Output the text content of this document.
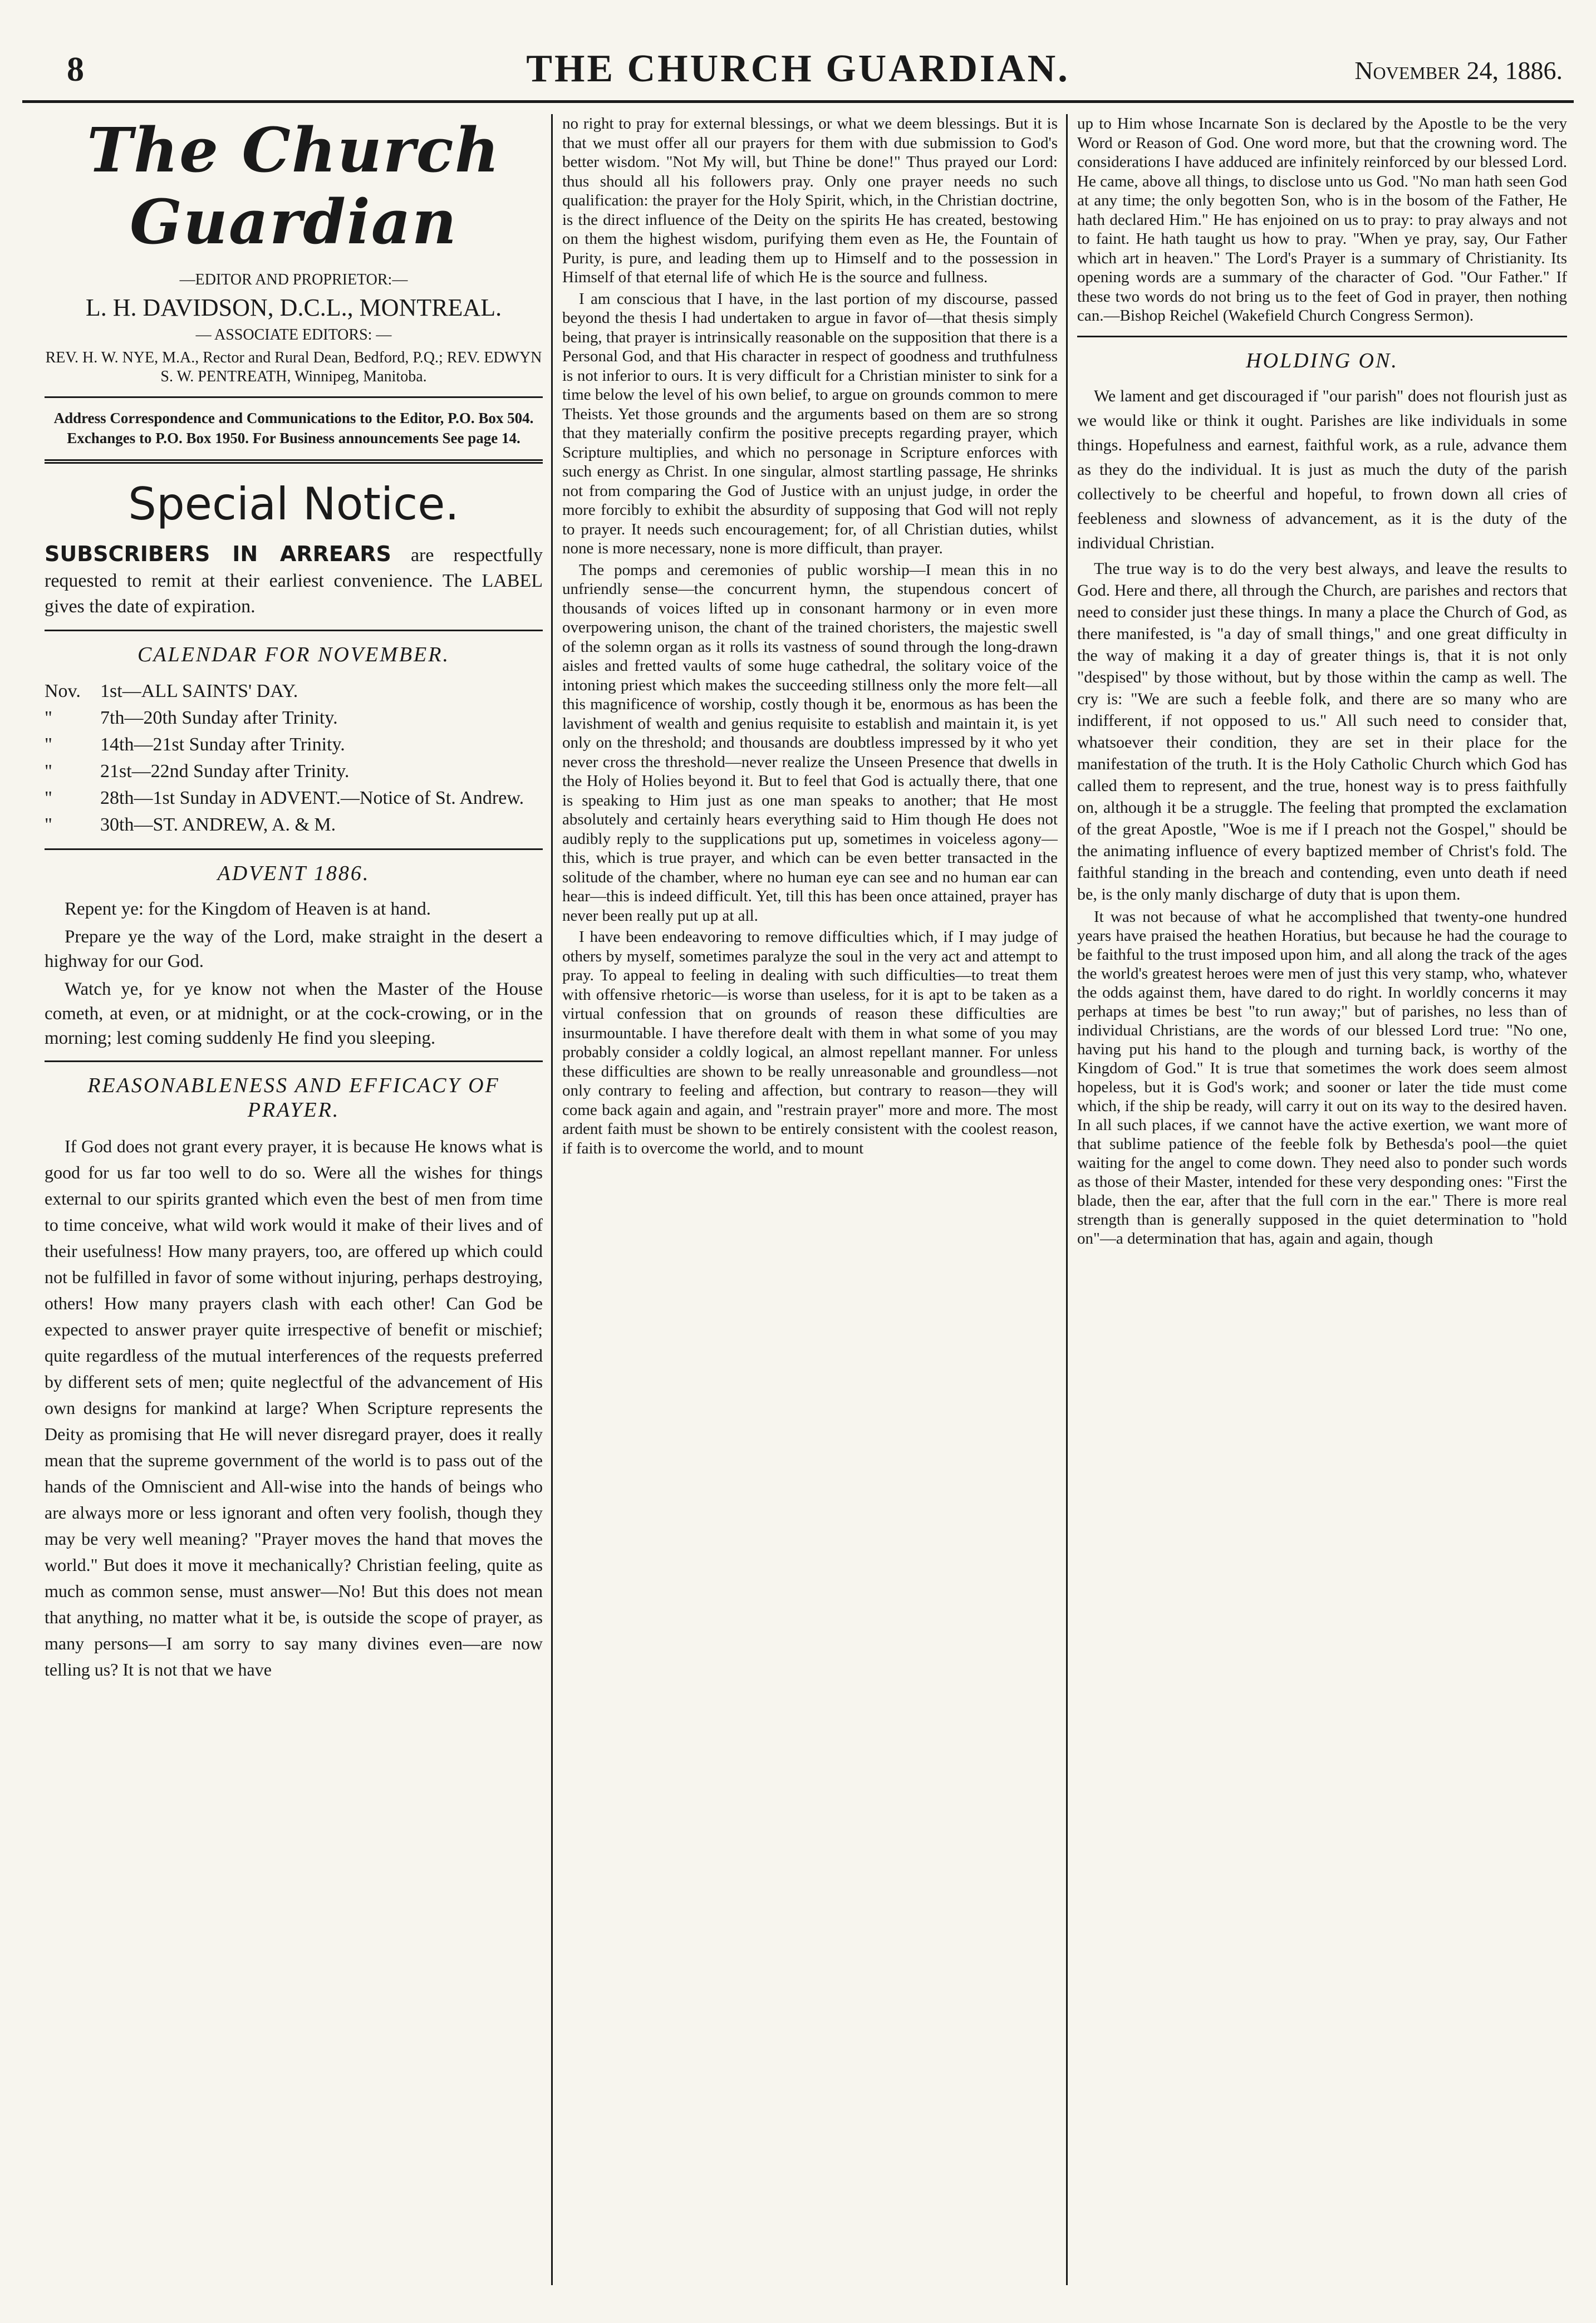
8	THE CHURCH GUARDIAN.	November 24, 1886.
The Church Guardian
—EDITOR AND PROPRIETOR:—
L. H. DAVIDSON, D.C.L., MONTREAL.
— ASSOCIATE EDITORS: —
REV. H. W. NYE, M.A., Rector and Rural Dean, Bedford, P.Q.; REV. EDWYN S. W. PENTREATH, Winnipeg, Manitoba.
Address Correspondence and Communications to the Editor, P.O. Box 504. Exchanges to P.O. Box 1950. For Business announcements See page 14.
Special Notice.
SUBSCRIBERS IN ARREARS are respectfully requested to remit at their earliest convenience. The LABEL gives the date of expiration.
CALENDAR FOR NOVEMBER.
Nov.	1st—ALL SAINTS' DAY.
"	7th—20th Sunday after Trinity.
"	14th—21st Sunday after Trinity.
"	21st—22nd Sunday after Trinity.
"	28th—1st Sunday in ADVENT.—Notice of St. Andrew.
"	30th—ST. ANDREW, A. & M.
ADVENT 1886.

Repent ye: for the Kingdom of Heaven is at hand.

Prepare ye the way of the Lord, make straight in the desert a highway for our God.

Watch ye, for ye know not when the Master of the House cometh, at even, or at midnight, or at the cock-crowing, or in the morning; lest coming suddenly He find you sleeping.

REASONABLENESS AND EFFICACY OF PRAYER.

If God does not grant every prayer, it is because He knows what is good for us far too well to do so. Were all the wishes for things external to our spirits granted which even the best of men from time to time conceive, what wild work would it make of their lives and of their usefulness! How many prayers, too, are offered up which could not be fulfilled in favor of some without injuring, perhaps destroying, others! How many prayers clash with each other! Can God be expected to answer prayer quite irrespective of benefit or mischief; quite regardless of the mutual interferences of the requests preferred by different sets of men; quite neglectful of the advancement of His own designs for mankind at large? When Scripture represents the Deity as promising that He will never disregard prayer, does it really mean that the supreme government of the world is to pass out of the hands of the Omniscient and All-wise into the hands of beings who are always more or less ignorant and often very foolish, though they may be very well meaning? "Prayer moves the hand that moves the world." But does it move it mechanically? Christian feeling, quite as much as common sense, must answer—No! But this does not mean that anything, no matter what it be, is outside the scope of prayer, as many persons—I am sorry to say many divines even—are now telling us? It is not that we have

no right to pray for external blessings, or what we deem blessings. But it is that we must offer all our prayers for them with due submission to God's better wisdom. "Not My will, but Thine be done!" Thus prayed our Lord: thus should all his followers pray. Only one prayer needs no such qualification: the prayer for the Holy Spirit, which, in the Christian doctrine, is the direct influence of the Deity on the spirits He has created, bestowing on them the highest wisdom, purifying them even as He, the Fountain of Purity, is pure, and leading them up to Himself and to the possession in Himself of that eternal life of which He is the source and fullness.

I am conscious that I have, in the last portion of my discourse, passed beyond the thesis I had undertaken to argue in favor of—that thesis simply being, that prayer is intrinsically reasonable on the supposition that there is a Personal God, and that His character in respect of goodness and truthfulness is not inferior to ours. It is very difficult for a Christian minister to sink for a time below the level of his own belief, to argue on grounds common to mere Theists. Yet those grounds and the arguments based on them are so strong that they materially confirm the positive precepts regarding prayer, which Scripture multiplies, and which no personage in Scripture enforces with such energy as Christ. In one singular, almost startling passage, He shrinks not from comparing the God of Justice with an unjust judge, in order the more forcibly to exhibit the absurdity of supposing that God will not reply to prayer. It needs such encouragement; for, of all Christian duties, whilst none is more necessary, none is more difficult, than prayer.

The pomps and ceremonies of public worship—I mean this in no unfriendly sense—the concurrent hymn, the stupendous concert of thousands of voices lifted up in consonant harmony or in even more overpowering unison, the chant of the trained choristers, the majestic swell of the solemn organ as it rolls its vastness of sound through the long-drawn aisles and fretted vaults of some huge cathedral, the solitary voice of the intoning priest which makes the succeeding stillness only the more felt—all this magnificence of worship, costly though it be, enormous as has been the lavishment of wealth and genius requisite to establish and maintain it, is yet only on the threshold; and thousands are doubtless impressed by it who yet never cross the threshold—never realize the Unseen Presence that dwells in the Holy of Holies beyond it. But to feel that God is actually there, that one is speaking to Him just as one man speaks to another; that He most absolutely and certainly hears everything said to Him though He does not audibly reply to the supplications put up, sometimes in voiceless agony—this, which is true prayer, and which can be even better transacted in the solitude of the chamber, where no human eye can see and no human ear can hear—this is indeed difficult. Yet, till this has been once attained, prayer has never been really put up at all.

I have been endeavoring to remove difficulties which, if I may judge of others by myself, sometimes paralyze the soul in the very act and attempt to pray. To appeal to feeling in dealing with such difficulties—to treat them with offensive rhetoric—is worse than useless, for it is apt to be taken as a virtual confession that on grounds of reason these difficulties are insurmountable. I have therefore dealt with them in what some of you may probably consider a coldly logical, an almost repellant manner. For unless these difficulties are shown to be really unreasonable and groundless—not only contrary to feeling and affection, but contrary to reason—they will come back again and again, and "restrain prayer" more and more. The most ardent faith must be shown to be entirely consistent with the coolest reason, if faith is to overcome the world, and to mount

up to Him whose Incarnate Son is declared by the Apostle to be the very Word or Reason of God. One word more, but that the crowning word. The considerations I have adduced are infinitely reinforced by our blessed Lord. He came, above all things, to disclose unto us God. "No man hath seen God at any time; the only begotten Son, who is in the bosom of the Father, He hath declared Him." He has enjoined on us to pray: to pray always and not to faint. He hath taught us how to pray. "When ye pray, say, Our Father which art in heaven." The Lord's Prayer is a summary of Christianity. Its opening words are a summary of the character of God. "Our Father." If these two words do not bring us to the feet of God in prayer, then nothing can.—Bishop Reichel (Wakefield Church Congress Sermon).

HOLDING ON.

We lament and get discouraged if "our parish" does not flourish just as we would like or think it ought. Parishes are like individuals in some things. Hopefulness and earnest, faithful work, as a rule, advance them as they do the individual. It is just as much the duty of the parish collectively to be cheerful and hopeful, to frown down all cries of feebleness and slowness of advancement, as it is the duty of the individual Christian.

The true way is to do the very best always, and leave the results to God. Here and there, all through the Church, are parishes and rectors that need to consider just these things. In many a place the Church of God, as there manifested, is "a day of small things," and one great difficulty in the way of making it a day of greater things is, that it is not only "despised" by those without, but by those within the camp as well. The cry is: "We are such a feeble folk, and there are so many who are indifferent, if not opposed to us." All such need to consider that, whatsoever their condition, they are set in their place for the manifestation of the truth. It is the Holy Catholic Church which God has called them to represent, and the true, honest way is to press faithfully on, although it be a struggle. The feeling that prompted the exclamation of the great Apostle, "Woe is me if I preach not the Gospel," should be the animating influence of every baptized member of Christ's fold. The faithful standing in the breach and contending, even unto death if need be, is the only manly discharge of duty that is upon them.

It was not because of what he accomplished that twenty-one hundred years have praised the heathen Horatius, but because he had the courage to be faithful to the trust imposed upon him, and all along the track of the ages the world's greatest heroes were men of just this very stamp, who, whatever the odds against them, have dared to do right. In worldly concerns it may perhaps at times be best "to run away;" but of parishes, no less than of individual Christians, are the words of our blessed Lord true: "No one, having put his hand to the plough and turning back, is worthy of the Kingdom of God." It is true that sometimes the work does seem almost hopeless, but it is God's work; and sooner or later the tide must come which, if the ship be ready, will carry it out on its way to the desired haven. In all such places, if we cannot have the active exertion, we want more of that sublime patience of the feeble folk by Bethesda's pool—the quiet waiting for the angel to come down. They need also to ponder such words as those of their Master, intended for these very desponding ones: "First the blade, then the ear, after that the full corn in the ear." There is more real strength than is generally supposed in the quiet determination to "hold on"—a determination that has, again and again, though
